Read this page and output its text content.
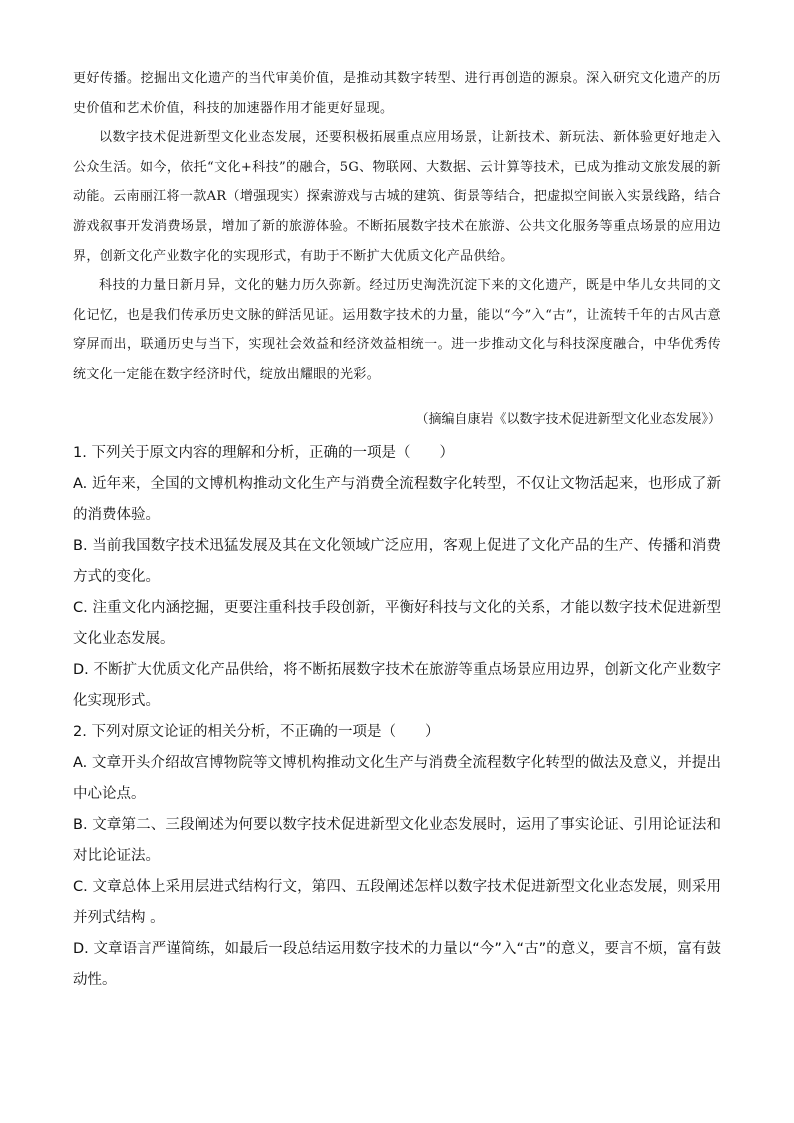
更好传播。挖掘出文化遗产的当代审美价值，是推动其数字转型、进行再创造的源泉。深入研究文化遗产的历史价值和艺术价值，科技的加速器作用才能更好显现。

以数字技术促进新型文化业态发展，还要积极拓展重点应用场景，让新技术、新玩法、新体验更好地走入公众生活。如今，依托“文化+科技”的融合，5G、物联网、大数据、云计算等技术，已成为推动文旅发展的新动能。云南丽江将一款AR（增强现实）探索游戏与古城的建筑、街景等结合，把虚拟空间嵌入实景线路，结合游戏叙事开发消费场景，增加了新的旅游体验。不断拓展数字技术在旅游、公共文化服务等重点场景的应用边界，创新文化产业数字化的实现形式，有助于不断扩大优质文化产品供给。

科技的力量日新月异，文化的魅力历久弥新。经过历史淘洗沉淀下来的文化遗产，既是中华儿女共同的文化记忆，也是我们传承历史文脉的鲜活见证。运用数字技术的力量，能以“今”入“古”，让流转千年的古风古意穿屏而出，联通历史与当下，实现社会效益和经济效益相统一。进一步推动文化与科技深度融合，中华优秀传统文化一定能在数字经济时代，绽放出耀眼的光彩。

（摘编自康岩《以数字技术促进新型文化业态发展》）

1. 下列关于原文内容的理解和分析，正确的一项是（　　）

A. 近年来，全国的文博机构推动文化生产与消费全流程数字化转型，不仅让文物活起来，也形成了新的消费体验。

B. 当前我国数字技术迅猛发展及其在文化领域广泛应用，客观上促进了文化产品的生产、传播和消费方式的变化。

C. 注重文化内涵挖掘，更要注重科技手段创新，平衡好科技与文化的关系，才能以数字技术促进新型文化业态发展。

D. 不断扩大优质文化产品供给，将不断拓展数字技术在旅游等重点场景应用边界，创新文化产业数字化实现形式。

2. 下列对原文论证的相关分析，不正确的一项是（　　）

A. 文章开头介绍故宫博物院等文博机构推动文化生产与消费全流程数字化转型的做法及意义，并提出中心论点。

B. 文章第二、三段阐述为何要以数字技术促进新型文化业态发展时，运用了事实论证、引用论证法和对比论证法。

C. 文章总体上采用层进式结构行文，第四、五段阐述怎样以数字技术促进新型文化业态发展，则采用并列式结构 。

D. 文章语言严谨简练，如最后一段总结运用数字技术的力量以“今”入“古”的意义，要言不烦，富有鼓动性。
